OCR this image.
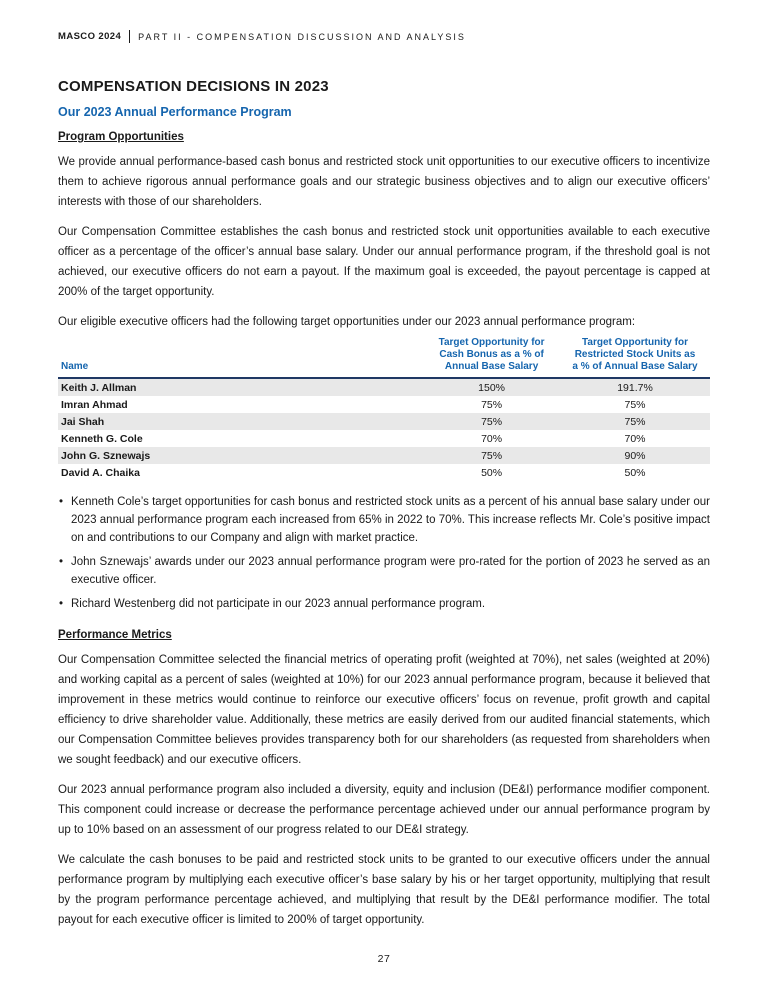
MASCO 2024 PART II - COMPENSATION DISCUSSION AND ANALYSIS
COMPENSATION DECISIONS IN 2023
Our 2023 Annual Performance Program
Program Opportunities

We provide annual performance-based cash bonus and restricted stock unit opportunities to our executive officers to incentivize them to achieve rigorous annual performance goals and our strategic business objectives and to align our executive officers’ interests with those of our shareholders.

Our Compensation Committee establishes the cash bonus and restricted stock unit opportunities available to each executive officer as a percentage of the officer’s annual base salary. Under our annual performance program, if the threshold goal is not achieved, our executive officers do not earn a payout. If the maximum goal is exceeded, the payout percentage is capped at 200% of the target opportunity.

Our eligible executive officers had the following target opportunities under our 2023 annual performance program:

Name	Target Opportunity for Cash Bonus as a % of Annual Base Salary	Target Opportunity for Restricted Stock Units as a % of Annual Base Salary
Keith J. Allman	150%	191.7%
Imran Ahmad	75%	75%
Jai Shah	75%	75%
Kenneth G. Cole	70%	70%
John G. Sznewajs	75%	90%
David A. Chaika	50%	50%
• Kenneth Cole’s target opportunities for cash bonus and restricted stock units as a percent of his annual base salary under our 2023 annual performance program each increased from 65% in 2022 to 70%. This increase reflects Mr. Cole’s positive impact on and contributions to our Company and align with market practice.
• John Sznewajs’ awards under our 2023 annual performance program were pro-rated for the portion of 2023 he served as an executive officer.
• Richard Westenberg did not participate in our 2023 annual performance program.
Performance Metrics

Our Compensation Committee selected the financial metrics of operating profit (weighted at 70%), net sales (weighted at 20%) and working capital as a percent of sales (weighted at 10%) for our 2023 annual performance program, because it believed that improvement in these metrics would continue to reinforce our executive officers’ focus on revenue, profit growth and capital efficiency to drive shareholder value. Additionally, these metrics are easily derived from our audited financial statements, which our Compensation Committee believes provides transparency both for our shareholders (as requested from shareholders when we sought feedback) and our executive officers.

Our 2023 annual performance program also included a diversity, equity and inclusion (DE&I) performance modifier component. This component could increase or decrease the performance percentage achieved under our annual performance program by up to 10% based on an assessment of our progress related to our DE&I strategy.

We calculate the cash bonuses to be paid and restricted stock units to be granted to our executive officers under the annual performance program by multiplying each executive officer’s base salary by his or her target opportunity, multiplying that result by the program performance percentage achieved, and multiplying that result by the DE&I performance modifier. The total payout for each executive officer is limited to 200% of target opportunity.

27
